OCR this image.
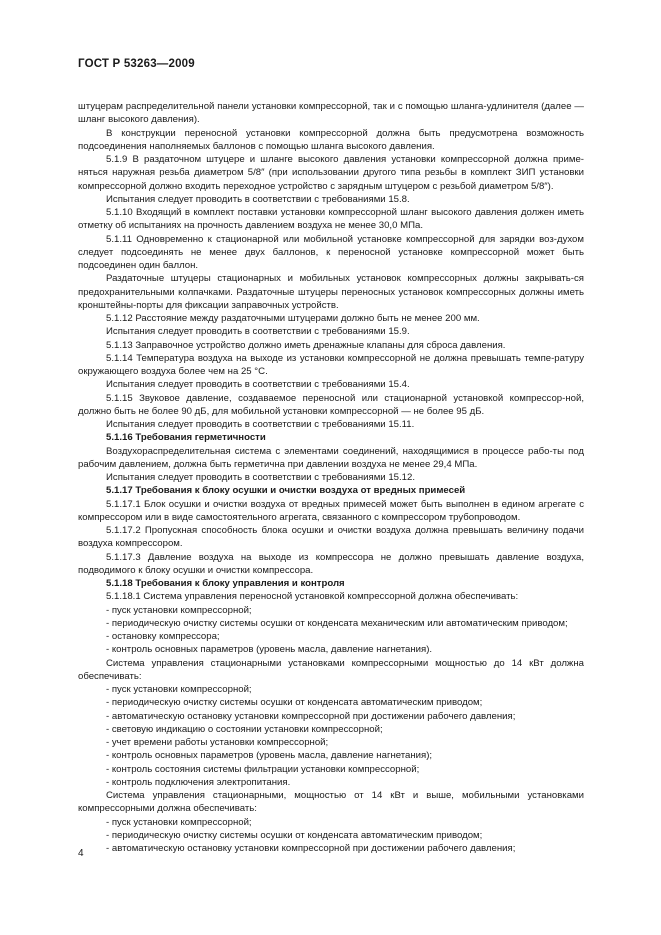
ГОСТ Р 53263—2009
штуцерам распределительной панели установки компрессорной, так и с помощью шланга-удлинителя (далее — шланг высокого давления).
В конструкции переносной установки компрессорной должна быть предусмотрена возможность подсоединения наполняемых баллонов с помощью шланга высокого давления.
5.1.9 В раздаточном штуцере и шланге высокого давления установки компрессорной должна приме-нятьcя наружная резьба диаметром 5/8″ (при использовании другого типа резьбы в комплект ЗИП установки компрессорной должно входить переходное устройство с зарядным штуцером с резьбой диаметром 5/8″).
Испытания следует проводить в соответствии с требованиями 15.8.
5.1.10 Входящий в комплект поставки установки компрессорной шланг высокого давления должен иметь отметку об испытаниях на прочность давлением воздуха не менее 30,0 МПа.
5.1.11 Одновременно к стационарной или мобильной установке компрессорной для зарядки воз-духом следует подсоединять не менее двух баллонов, к переносной установке компрессорной может быть подсоединен один баллон.
Раздаточные штуцеры стационарных и мобильных установок компрессорных должны закрывать-ся предохранительными колпачками. Раздаточные штуцеры переносных установок компрессорных должны иметь кронштейны-порты для фиксации заправочных устройств.
5.1.12 Расстояние между раздаточными штуцерами должно быть не менее 200 мм.
Испытания следует проводить в соответствии с требованиями 15.9.
5.1.13 Заправочное устройство должно иметь дренажные клапаны для сброса давления.
5.1.14 Температура воздуха на выходе из установки компрессорной не должна превышать темпе-ратуру окружающего воздуха более чем на 25 °С.
Испытания следует проводить в соответствии с требованиями 15.4.
5.1.15 Звуковое давление, создаваемое переносной или стационарной установкой компрессор-ной, должно быть не более 90 дБ, для мобильной установки компрессорной — не более 95 дБ.
Испытания следует проводить в соответствии с требованиями 15.11.
5.1.16 Требования герметичности
Воздухораспределительная система с элементами соединений, находящимися в процессе рабо-ты под рабочим давлением, должна быть герметична при давлении воздуха не менее 29,4 МПа.
Испытания следует проводить в соответствии с требованиями 15.12.
5.1.17 Требования к блоку осушки и очистки воздуха от вредных примесей
5.1.17.1 Блок осушки и очистки воздуха от вредных примесей может быть выполнен в едином агрегате с компрессором или в виде самостоятельного агрегата, связанного с компрессором трубопроводом.
5.1.17.2 Пропускная способность блока осушки и очистки воздуха должна превышать величину подачи воздуха компрессором.
5.1.17.3 Давление воздуха на выходе из компрессора не должно превышать давление воздуха, подводимого к блоку осушки и очистки компрессора.
5.1.18 Требования к блоку управления и контроля
5.1.18.1 Система управления переносной установкой компрессорной должна обеспечивать:
- пуск установки компрессорной;
- периодическую очистку системы осушки от конденсата механическим или автоматическим приводом;
- остановку компрессора;
- контроль основных параметров (уровень масла, давление нагнетания).
Система управления стационарными установками компрессорными мощностью до 14 кВт должна обеспечивать:
- пуск установки компрессорной;
- периодическую очистку системы осушки от конденсата автоматическим приводом;
- автоматическую остановку установки компрессорной при достижении рабочего давления;
- световую индикацию о состоянии установки компрессорной;
- учет времени работы установки компрессорной;
- контроль основных параметров (уровень масла, давление нагнетания);
- контроль состояния системы фильтрации установки компрессорной;
- контроль подключения электропитания.
Система управления стационарными, мощностью от 14 кВт и выше, мобильными установками компрессорными должна обеспечивать:
- пуск установки компрессорной;
- периодическую очистку системы осушки от конденсата автоматическим приводом;
- автоматическую остановку установки компрессорной при достижении рабочего давления;
4
